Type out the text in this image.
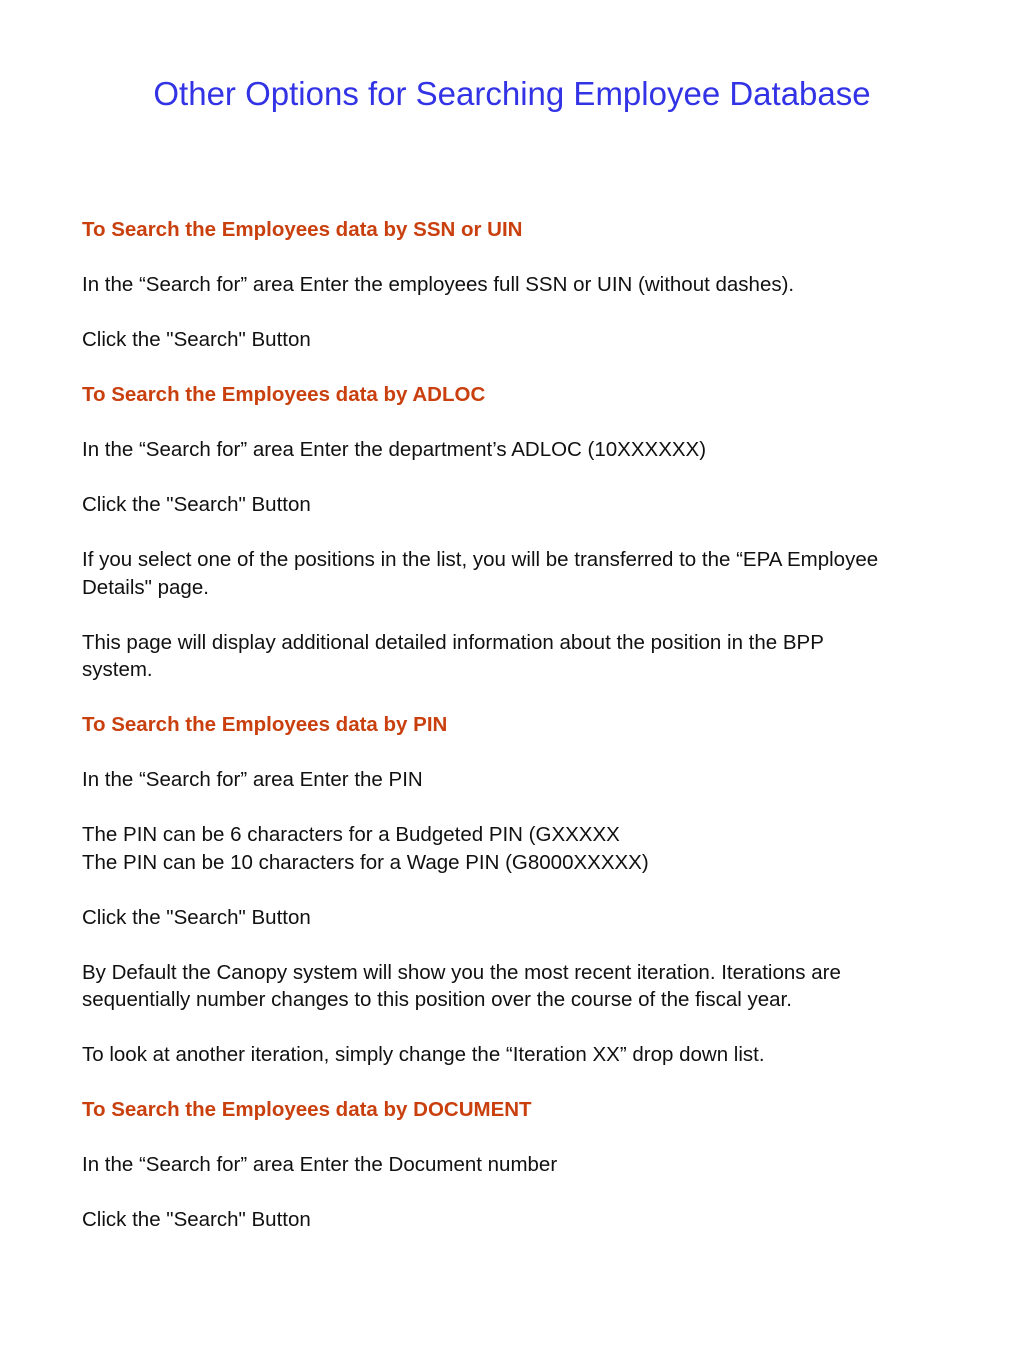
Other Options for Searching Employee Database

To Search the Employees data by SSN or UIN

In the “Search for” area Enter the employees full SSN or UIN (without dashes).

Click the "Search" Button

To Search the Employees data by ADLOC

In the “Search for” area Enter the department’s ADLOC (10XXXXXX)

Click the "Search" Button

If you select one of the positions in the list, you will be transferred to the “EPA Employee

Details" page.

This page will display additional detailed information about the position in the BPP

system.

To Search the Employees data by PIN

In the “Search for” area Enter the PIN

The PIN can be 6 characters for a Budgeted PIN (GXXXXX

The PIN can be 10 characters for a Wage PIN (G8000XXXXX)

Click the "Search" Button

By Default the Canopy system will show you the most recent iteration. Iterations are

sequentially number changes to this position over the course of the fiscal year.

To look at another iteration, simply change the “Iteration XX” drop down list.

To Search the Employees data by DOCUMENT

In the “Search for” area Enter the Document number

Click the "Search" Button
